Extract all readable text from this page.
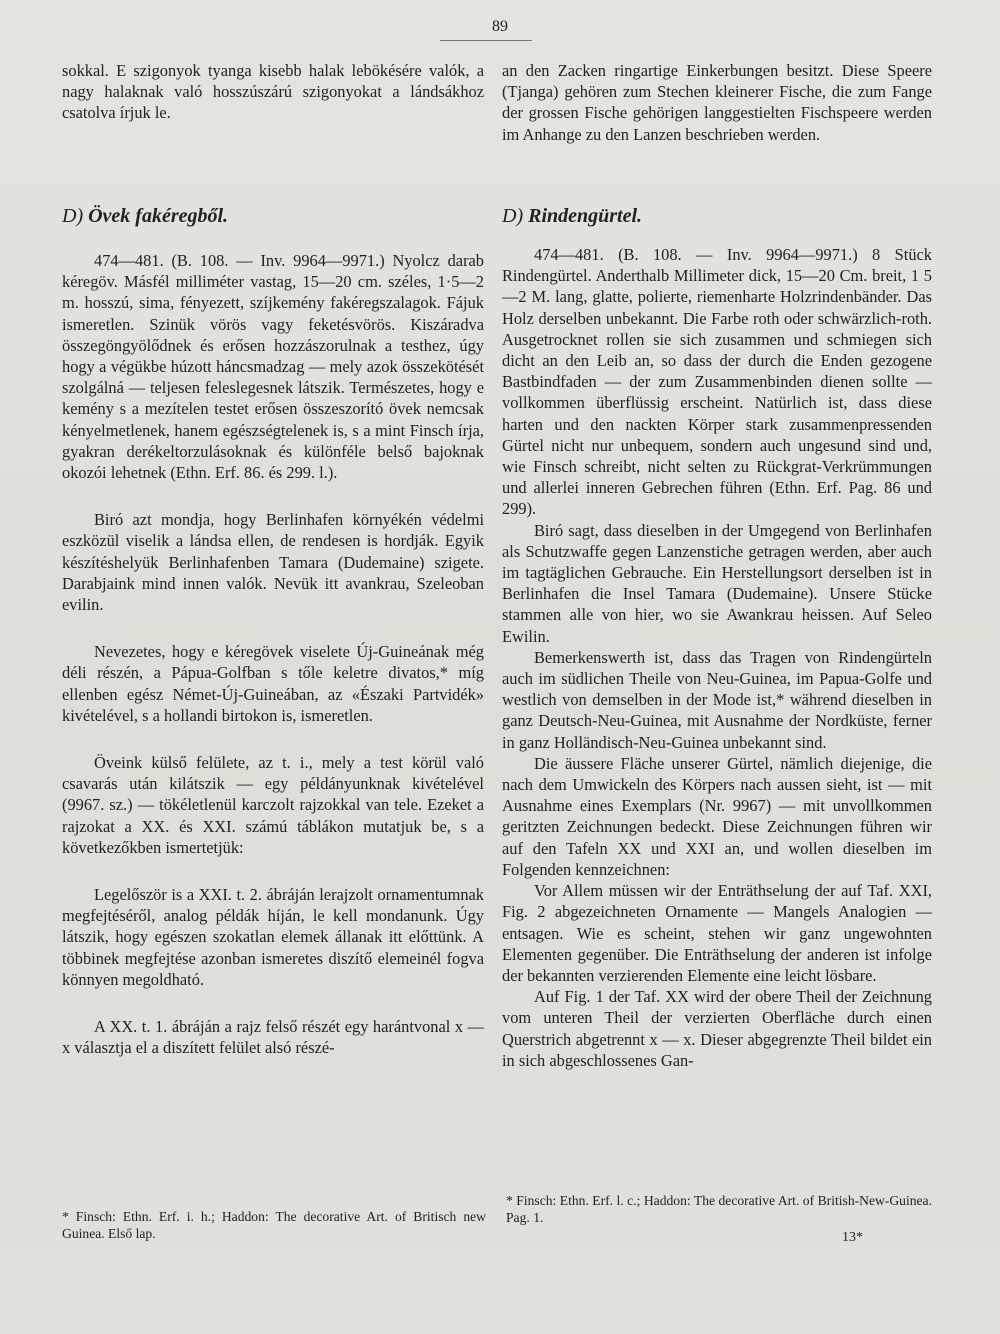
89

sokkal. E szigonyok tyanga kisebb halak lebökésére valók, a nagy halaknak való hosszúszárú szigonyokat a lándsákhoz csatolva írjuk le.

D) Övek fakéregből.

474—481. (B. 108. — Inv. 9964—9971.) Nyolcz darab kéregöv. Másfél milliméter vastag, 15—20 cm. széles, 1·5—2 m. hosszú, sima, fényezett, szíjkemény fakéregszalagok. Fájuk ismeretlen. Szinük vörös vagy feketésvörös. Kiszáradva összegöngyölődnek és erősen hozzászorulnak a testhez, úgy hogy a végükbe húzott háncsmadzag — mely azok összekötését szolgálná — teljesen feleslegesnek látszik. Természetes, hogy e kemény s a mezítelen testet erősen összeszorító övek nemcsak kényelmetlenek, hanem egészségtelenek is, s a mint Finsch írja, gyakran derékeltorzulásoknak és különféle belső bajoknak okozói lehetnek (Ethn. Erf. 86. és 299. l.).

Biró azt mondja, hogy Berlinhafen környékén védelmi eszközül viselik a lándsa ellen, de rendesen is hordják. Egyik készítéshelyük Berlinhafenben Tamara (Dudemaine) szigete. Darabjaink mind innen valók. Nevük itt avankrau, Szeleoban evilin.

Nevezetes, hogy e kéregövek viselete Új-Guineának még déli részén, a Pápua-Golfban s tőle keletre divatos,* míg ellenben egész Német-Új-Guineában, az «Északi Partvidék» kivételével, s a hollandi birtokon is, ismeretlen.

Öveink külső felülete, az t. i., mely a test körül való csavarás után kilátszik — egy példányunknak kivételével (9967. sz.) — tökéletlenül karczolt rajzokkal van tele. Ezeket a rajzokat a XX. és XXI. számú táblákon mutatjuk be, s a következőkben ismertetjük:

Legelőször is a XXI. t. 2. ábráján lerajzolt ornamentumnak megfejtéséről, analog példák híján, le kell mondanunk. Úgy látszik, hogy egészen szokatlan elemek állanak itt előttünk. A többinek megfejtése azonban ismeretes diszítő elemeinél fogva könnyen megoldható.

A XX. t. 1. ábráján a rajz felső részét egy harántvonal x — x választja el a diszített felület alsó részé-

* Finsch: Ethn. Erf. i. h.; Haddon: The decorative Art. of Britisch new Guinea. Első lap.

an den Zacken ringartige Einkerbungen besitzt. Diese Speere (Tjanga) gehören zum Stechen kleinerer Fische, die zum Fange der grossen Fische gehörigen langgestielten Fischspeere werden im Anhange zu den Lanzen beschrieben werden.

D) Rindengürtel.

474—481. (B. 108. — Inv. 9964—9971.) 8 Stück Rindengürtel. Anderthalb Millimeter dick, 15—20 Cm. breit, 1 5—2 M. lang, glatte, polierte, riemenharte Holzrindenbänder. Das Holz derselben unbekannt. Die Farbe roth oder schwärzlich-roth. Ausgetrocknet rollen sie sich zusammen und schmiegen sich dicht an den Leib an, so dass der durch die Enden gezogene Bastbindfaden — der zum Zusammenbinden dienen sollte — vollkommen überflüssig erscheint. Natürlich ist, dass diese harten und den nackten Körper stark zusammenpressenden Gürtel nicht nur unbequem, sondern auch ungesund sind und, wie Finsch schreibt, nicht selten zu Rückgrat-Verkrümmungen und allerlei inneren Gebrechen führen (Ethn. Erf. Pag. 86 und 299).

Biró sagt, dass dieselben in der Umgegend von Berlinhafen als Schutzwaffe gegen Lanzenstiche getragen werden, aber auch im tagtäglichen Gebrauche. Ein Herstellungsort derselben ist in Berlinhafen die Insel Tamara (Dudemaine). Unsere Stücke stammen alle von hier, wo sie Awankrau heissen. Auf Seleo Ewilin.

Bemerkenswerth ist, dass das Tragen von Rindengürteln auch im südlichen Theile von Neu-Guinea, im Papua-Golfe und westlich von demselben in der Mode ist,* während dieselben in ganz Deutsch-Neu-Guinea, mit Ausnahme der Nordküste, ferner in ganz Holländisch-Neu-Guinea unbekannt sind.

Die äussere Fläche unserer Gürtel, nämlich diejenige, die nach dem Umwickeln des Körpers nach aussen sieht, ist — mit Ausnahme eines Exemplars (Nr. 9967) — mit unvollkommen geritzten Zeichnungen bedeckt. Diese Zeichnungen führen wir auf den Tafeln XX und XXI an, und wollen dieselben im Folgenden kennzeichnen:

Vor Allem müssen wir der Enträthselung der auf Taf. XXI, Fig. 2 abgezeichneten Ornamente — Mangels Analogien — entsagen. Wie es scheint, stehen wir ganz ungewohnten Elementen gegenüber. Die Enträthselung der anderen ist infolge der bekannten verzierenden Elemente eine leicht lösbare.

Auf Fig. 1 der Taf. XX wird der obere Theil der Zeichnung vom unteren Theil der verzierten Oberfläche durch einen Querstrich abgetrennt x — x. Dieser abgegrenzte Theil bildet ein in sich abgeschlossenes Gan-

* Finsch: Ethn. Erf. l. c.; Haddon: The decorative Art. of British-New-Guinea. Pag. 1.
13*
